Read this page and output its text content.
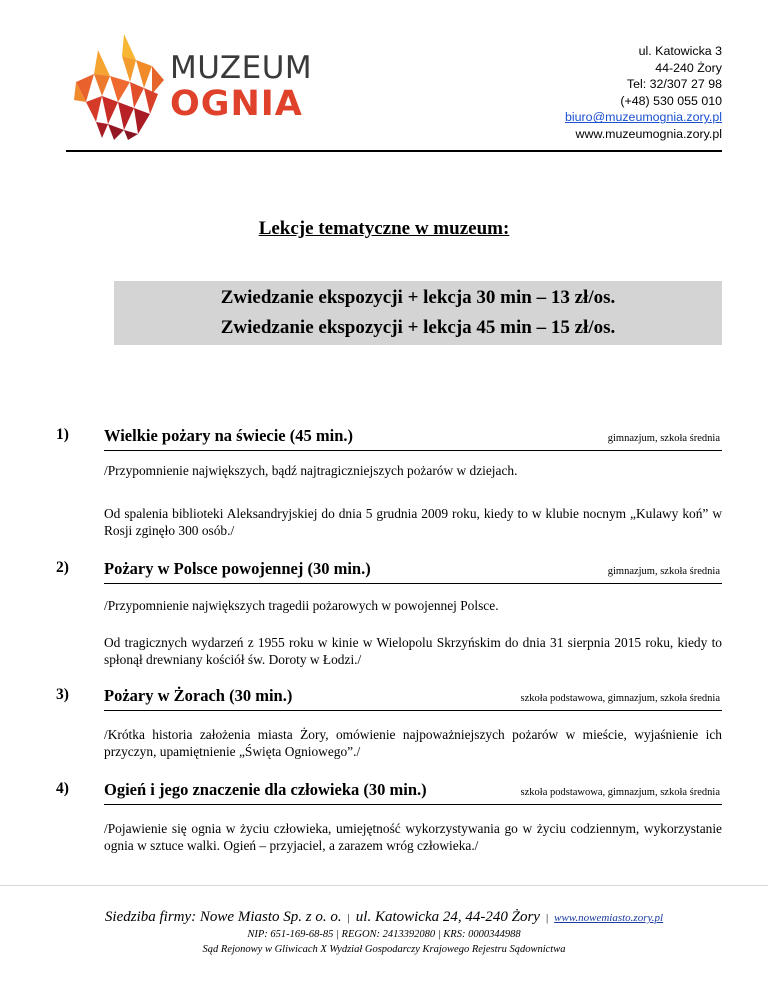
MUZEUM
OGNIA
ul. Katowicka 3
44-240 Żory
Tel: 32/307 27 98
(+48) 530 055 010
biuro@muzeumognia.zory.pl
www.muzeumognia.zory.pl
Lekcje tematyczne w muzeum:
Zwiedzanie ekspozycji + lekcja 30 min – 13 zł/os.
Zwiedzanie ekspozycji + lekcja 45 min – 15 zł/os.
1) Wielkie pożary na świecie (45 min.)	gimnazjum, szkoła średnia
/Przypomnienie największych, bądź najtragiczniejszych pożarów w dziejach.
Od spalenia biblioteki Aleksandryjskiej do dnia 5 grudnia 2009 roku, kiedy to w klubie nocnym „Kulawy koń” w Rosji zginęło 300 osób./
2) Pożary w Polsce powojennej (30 min.)	gimnazjum, szkoła średnia
/Przypomnienie największych tragedii pożarowych w powojennej Polsce.
Od tragicznych wydarzeń z 1955 roku w kinie w Wielopolu Skrzyńskim do dnia 31 sierpnia 2015 roku, kiedy to spłonął drewniany kościół św. Doroty w Łodzi./
3) Pożary w Żorach (30 min.)	szkoła podstawowa, gimnazjum, szkoła średnia
/Krótka historia założenia miasta Żory, omówienie najpoważniejszych pożarów w mieście, wyjaśnienie ich przyczyn, upamiętnienie „Święta Ogniowego”./
4) Ogień i jego znaczenie dla człowieka (30 min.)	szkoła podstawowa, gimnazjum, szkoła średnia
/Pojawienie się ognia w życiu człowieka, umiejętność wykorzystywania go w życiu codziennym, wykorzystanie ognia w sztuce walki. Ogień – przyjaciel, a zarazem wróg człowieka./
Siedziba firmy: Nowe Miasto Sp. z o. o. | ul. Katowicka 24, 44-240 Żory | www.nowemiasto.zory.pl
NIP: 651-169-68-85 | REGON: 2413392080 | KRS: 0000344988
Sąd Rejonowy w Gliwicach X Wydział Gospodarczy Krajowego Rejestru Sądownictwa
